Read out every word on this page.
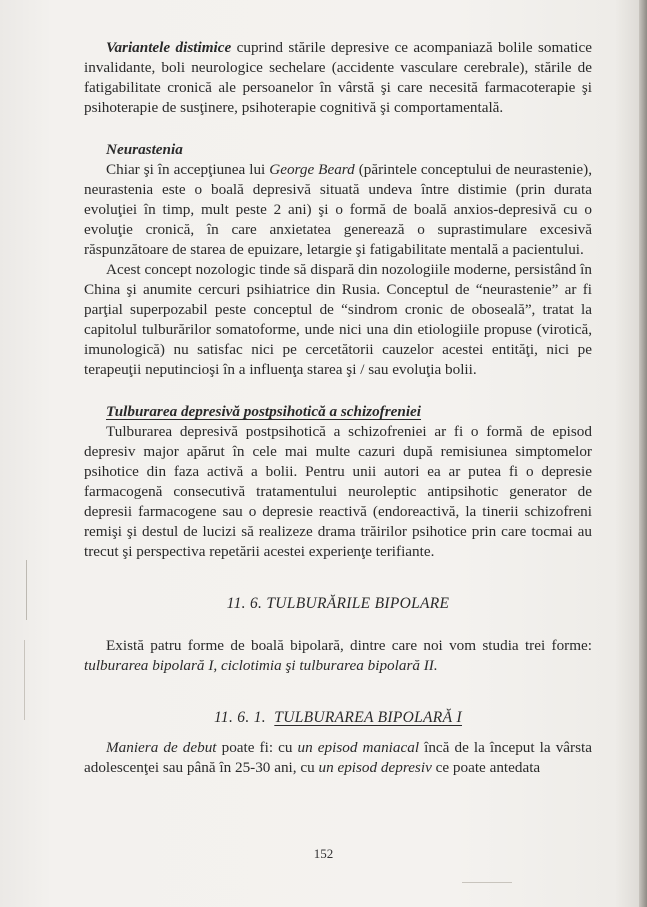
Variantele distimice cuprind stările depresive ce acompaniază bolile somatice invalidante, boli neurologice sechelare (accidente vasculare cerebrale), stările de fatigabilitate cronică ale persoanelor în vârstă şi care necesită farmacoterapie şi psihoterapie de susţinere, psihoterapie cognitivă şi comportamentală.

Neurastenia

Chiar şi în accepţiunea lui George Beard (părintele conceptului de neurastenie), neurastenia este o boală depresivă situată undeva între distimie (prin durata evoluţiei în timp, mult peste 2 ani) şi o formă de boală anxios-depresivă cu o evoluţie cronică, în care anxietatea generează o suprastimulare excesivă răspunzătoare de starea de epuizare, letargie şi fatigabilitate mentală a pacientului.

Acest concept nozologic tinde să dispară din nozologiile moderne, persistând în China şi anumite cercuri psihiatrice din Rusia. Conceptul de “neurastenie” ar fi parţial superpozabil peste conceptul de “sindrom cronic de oboseală”, tratat la capitolul tulburărilor somatoforme, unde nici una din etiologiile propuse (virotică, imunologică) nu satisfac nici pe cercetătorii cauzelor acestei entităţi, nici pe terapeuţii neputincioşi în a influenţa starea şi / sau evoluţia bolii.

Tulburarea depresivă postpsihotică a schizofreniei

Tulburarea depresivă postpsihotică a schizofreniei ar fi o formă de episod depresiv major apărut în cele mai multe cazuri după remisiunea simptomelor psihotice din faza activă a bolii. Pentru unii autori ea ar putea fi o depresie farmacogenă consecutivă tratamentului neuroleptic antipsihotic generator de depresii farmacogene sau o depresie reactivă (endoreactivă, la tinerii schizofreni remişi şi destul de lucizi să realizeze drama trăirilor psihotice prin care tocmai au trecut şi perspectiva repetării acestei experienţe terifiante.

11. 6. TULBURĂRILE BIPOLARE

Există patru forme de boală bipolară, dintre care noi vom studia trei forme: tulburarea bipolară I, ciclotimia şi tulburarea bipolară II.

11. 6. 1. TULBURAREA BIPOLARĂ I

Maniera de debut poate fi: cu un episod maniacal încă de la început la vârsta adolescenţei sau până în 25-30 ani, cu un episod depresiv ce poate antedata

152
